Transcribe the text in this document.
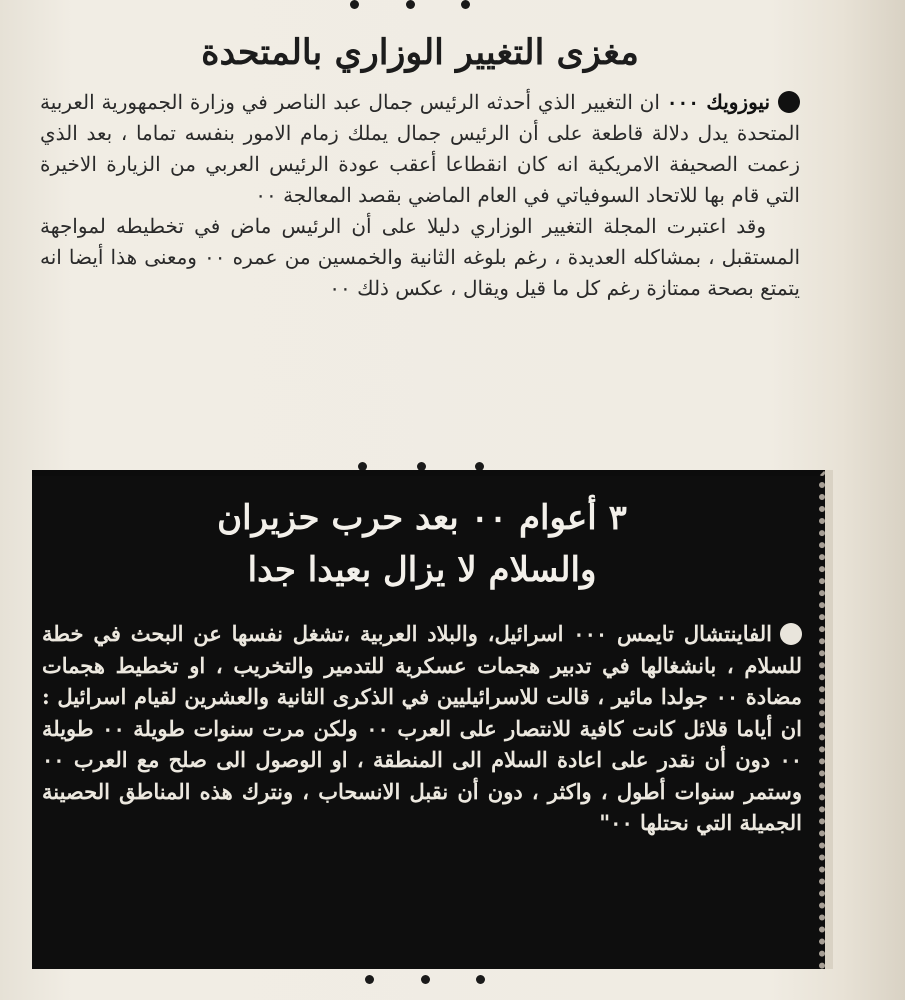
مغزى التغيير الوزاري بالمتحدة

نيوزويك ٠٠٠ ان التغيير الذي أحدثه الرئيس جمال عبد الناصر في وزارة الجمهورية العربية المتحدة يدل دلالة قاطعة على أن الرئيس جمال يملك زمام الامور بنفسه تماما ، بعد الذي زعمت الصحيفة الامريكية انه كان انقطاعا أعقب عودة الرئيس العربي من الزيارة الاخيرة التي قام بها للاتحاد السوفياتي في العام الماضي بقصد المعالجة ٠٠

وقد اعتبرت المجلة التغيير الوزاري دليلا على أن الرئيس ماض في تخطيطه لمواجهة المستقبل ، بمشاكله العديدة ، رغم بلوغه الثانية والخمسين من عمره ٠٠ ومعنى هذا أيضا انه يتمتع بصحة ممتازة رغم كل ما قيل ويقال ، عكس ذلك ٠٠

٣ أعوام ٠٠ بعد حرب حزيران
والسلام لا يزال بعيدا جدا

الفاينتشال تايمس ٠٠٠ اسرائيل، والبلاد العربية ،تشغل نفسها عن البحث في خطة للسلام ، بانشغالها في تدبير هجمات عسكرية للتدمير والتخريب ، او تخطيط هجمات مضادة ٠٠ جولدا مائير ، قالت للاسرائيليين في الذكرى الثانية والعشرين لقيام اسرائيل : ان أياما قلائل كانت كافية للانتصار على العرب ٠٠ ولكن مرت سنوات طويلة ٠٠ طويلة ٠٠ دون أن نقدر على اعادة السلام الى المنطقة ، او الوصول الى صلح مع العرب ٠٠ وستمر سنوات أطول ، واكثر ، دون أن نقبل الانسحاب ، ونترك هذه المناطق الحصينة الجميلة التي نحتلها ٠٠"
